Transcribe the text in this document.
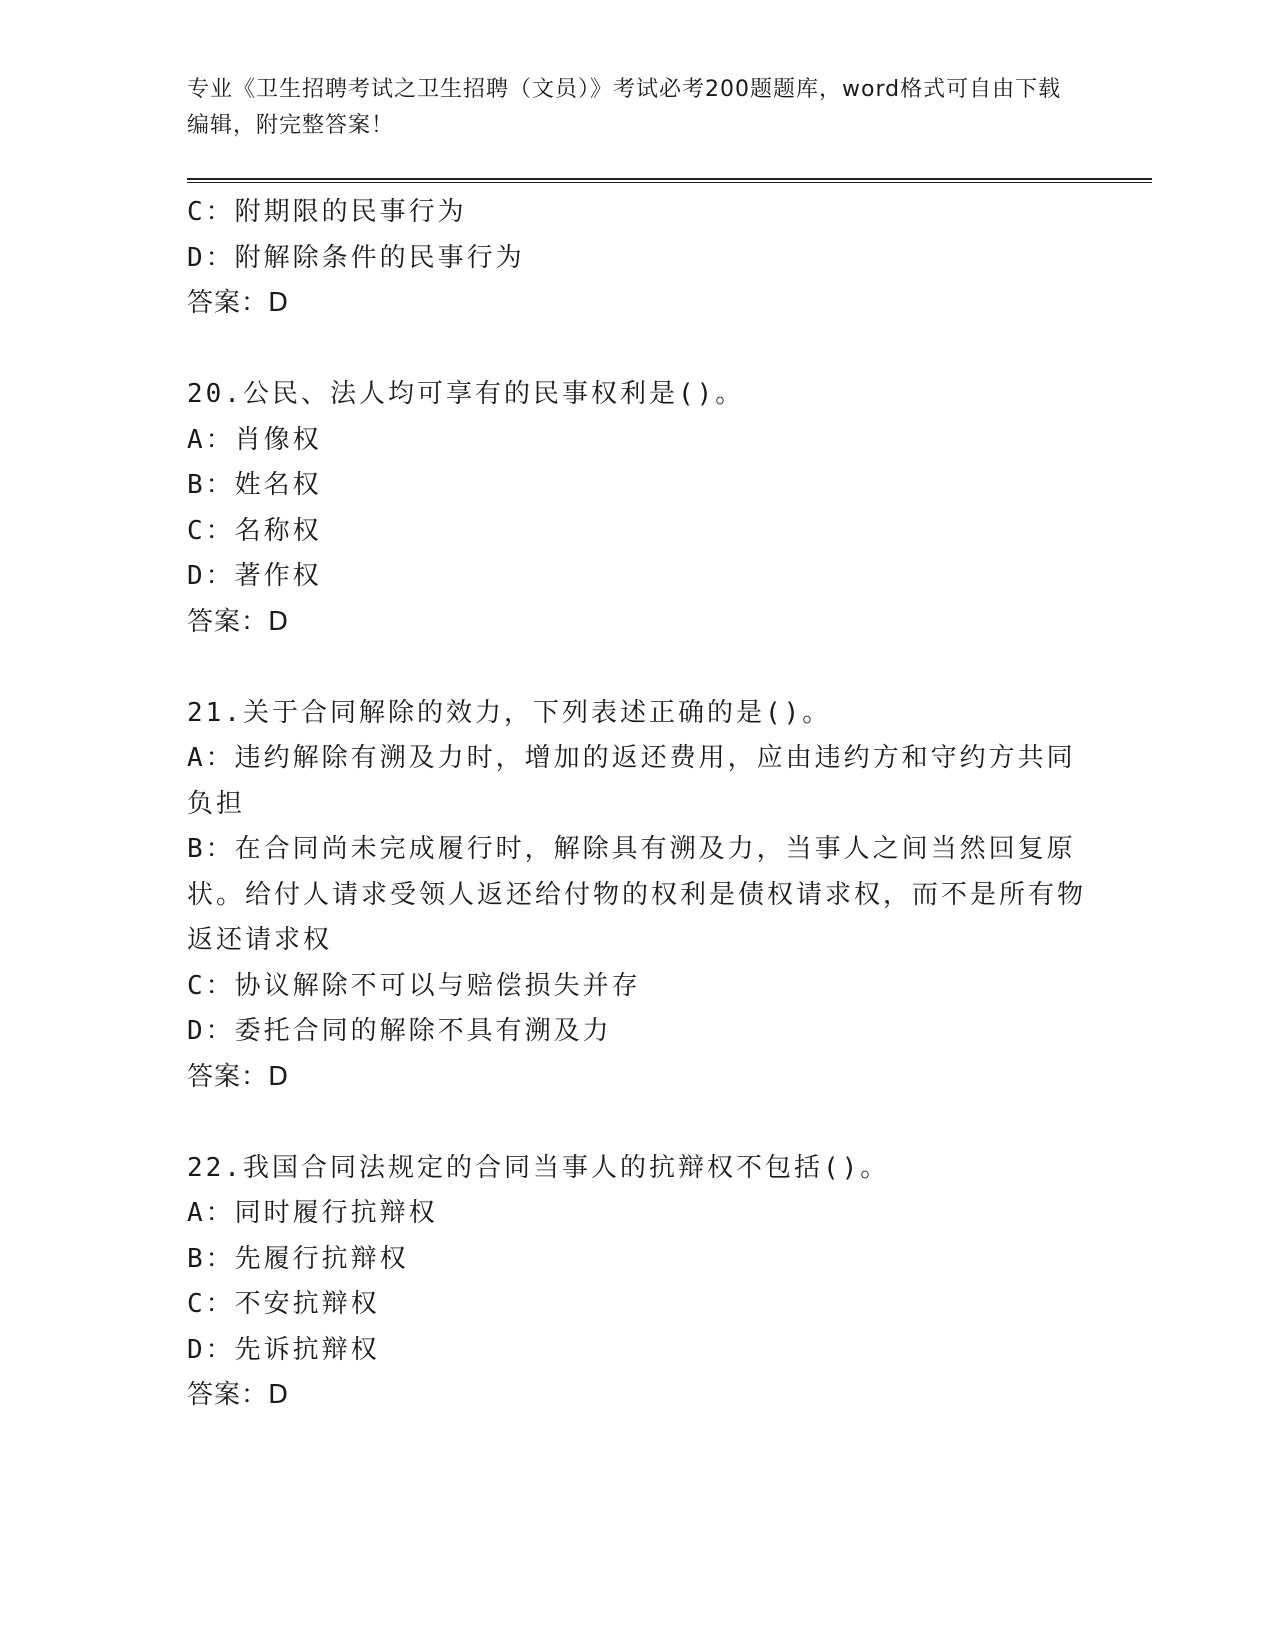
专业《卫生招聘考试之卫生招聘（文员）》考试必考200题题库，word格式可自由下载编辑，附完整答案！
C：附期限的民事行为
D：附解除条件的民事行为
答案：D
20.公民、法人均可享有的民事权利是()。
A：肖像权
B：姓名权
C：名称权
D：著作权
答案：D
21.关于合同解除的效力，下列表述正确的是()。
A：违约解除有溯及力时，增加的返还费用，应由违约方和守约方共同负担
B：在合同尚未完成履行时，解除具有溯及力，当事人之间当然回复原状。给付人请求受领人返还给付物的权利是债权请求权，而不是所有物返还请求权
C：协议解除不可以与赔偿损失并存
D：委托合同的解除不具有溯及力
答案：D
22.我国合同法规定的合同当事人的抗辩权不包括()。
A：同时履行抗辩权
B：先履行抗辩权
C：不安抗辩权
D：先诉抗辩权
答案：D
